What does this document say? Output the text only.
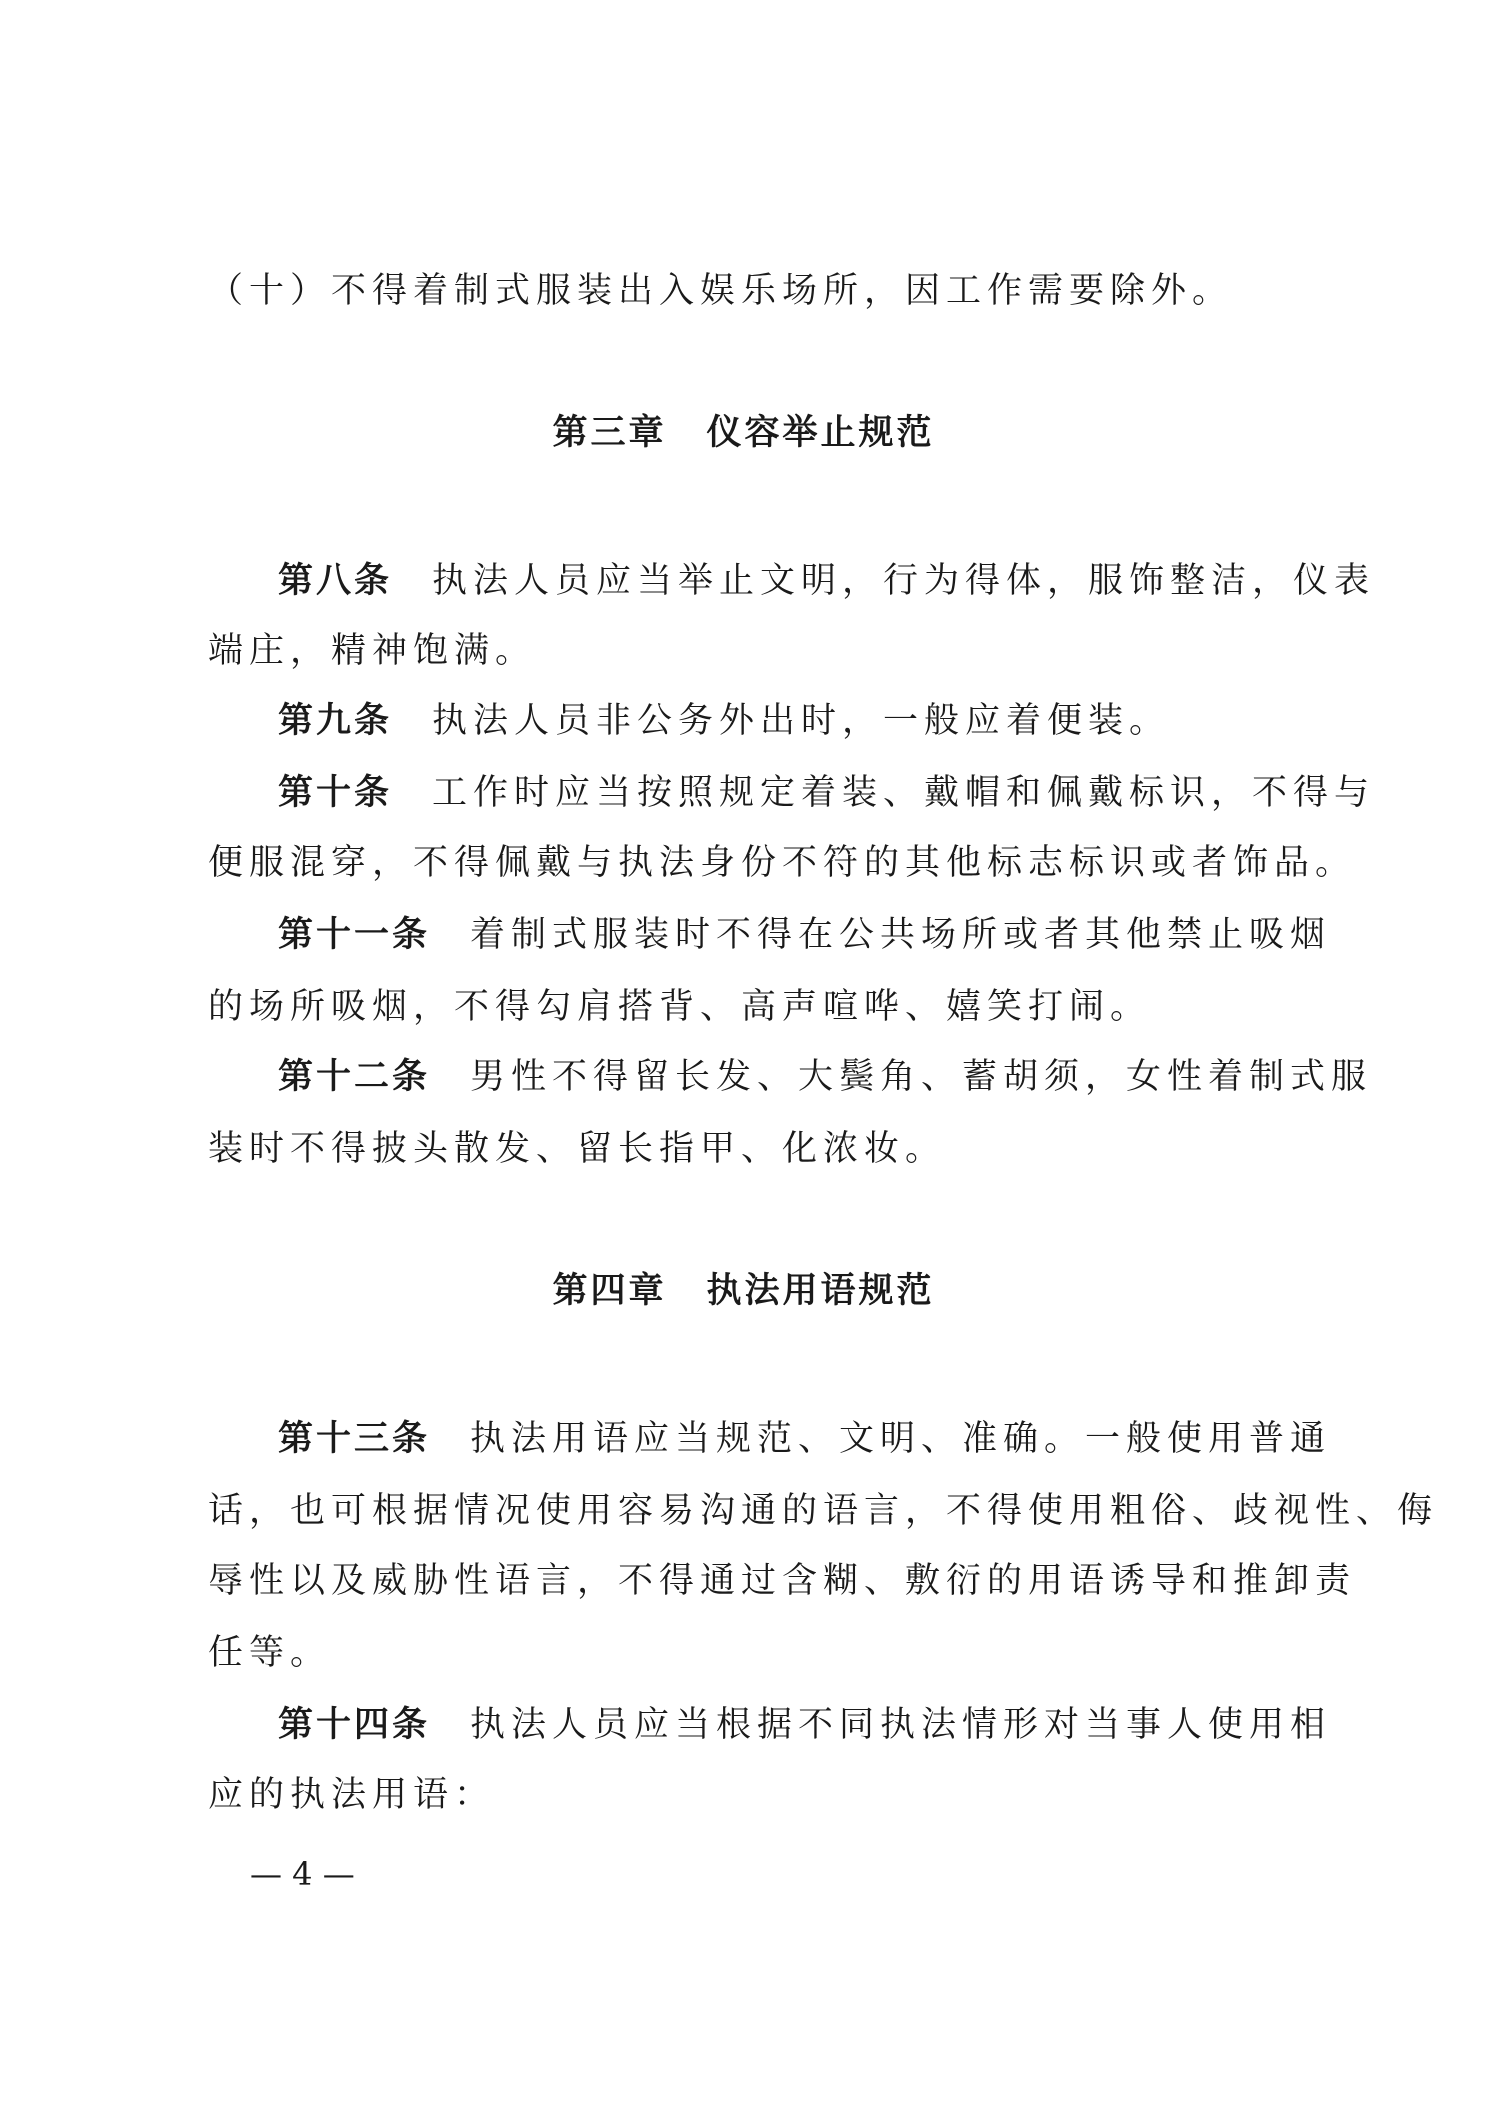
（十）不得着制式服装出入娱乐场所，因工作需要除外。
第三章 仪容举止规范
第八条 执法人员应当举止文明，行为得体，服饰整洁，仪表
端庄，精神饱满。
第九条 执法人员非公务外出时，一般应着便装。
第十条 工作时应当按照规定着装、戴帽和佩戴标识，不得与
便服混穿，不得佩戴与执法身份不符的其他标志标识或者饰品。
第十一条 着制式服装时不得在公共场所或者其他禁止吸烟
的场所吸烟，不得勾肩搭背、高声喧哗、嬉笑打闹。
第十二条 男性不得留长发、大鬓角、蓄胡须，女性着制式服
装时不得披头散发、留长指甲、化浓妆。
第四章 执法用语规范
第十三条 执法用语应当规范、文明、准确。一般使用普通
话，也可根据情况使用容易沟通的语言，不得使用粗俗、歧视性、侮
辱性以及威胁性语言，不得通过含糊、敷衍的用语诱导和推卸责
任等。
第十四条 执法人员应当根据不同执法情形对当事人使用相
应的执法用语：
— 4 —
